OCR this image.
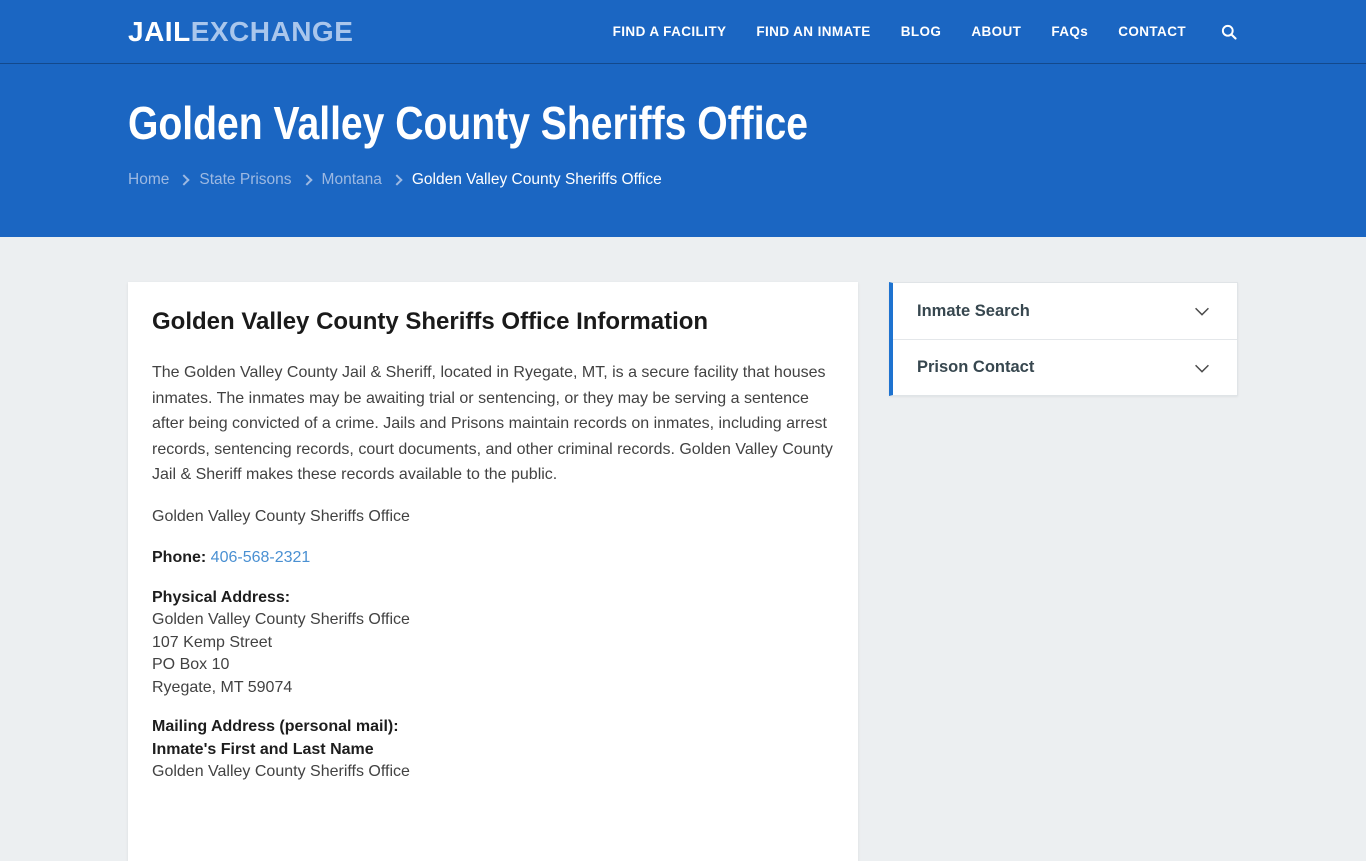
JAILEXCHANGE	FIND A FACILITY FIND AN INMATE BLOG ABOUT FAQs CONTACT
Golden Valley County Sheriffs Office
Home State Prisons Montana Golden Valley County Sheriffs Office
Golden Valley County Sheriffs Office Information

The Golden Valley County Jail & Sheriff, located in Ryegate, MT, is a secure facility that houses inmates. The inmates may be awaiting trial or sentencing, or they may be serving a sentence after being convicted of a crime. Jails and Prisons maintain records on inmates, including arrest records, sentencing records, court documents, and other criminal records. Golden Valley County Jail & Sheriff makes these records available to the public.

Golden Valley County Sheriffs Office

Phone: 406-568-2321

Physical Address:
Golden Valley County Sheriffs Office
107 Kemp Street
PO Box 10
Ryegate, MT 59074
Mailing Address (personal mail):
Inmate's First and Last Name
Golden Valley County Sheriffs Office
Inmate Search
Prison Contact
